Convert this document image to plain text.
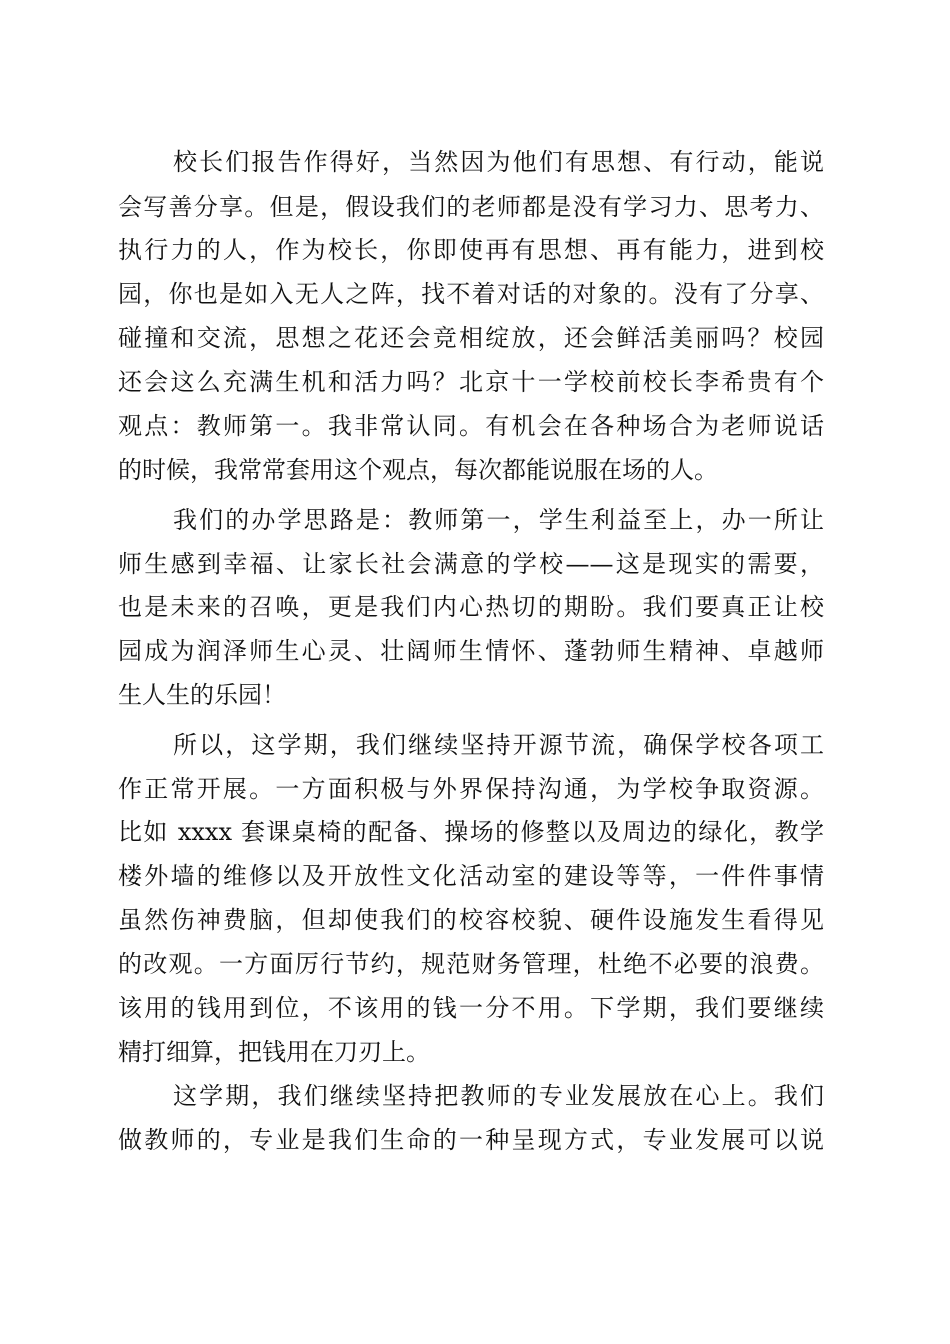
校长们报告作得好，当然因为他们有思想、有行动，能说
会写善分享。但是，假设我们的老师都是没有学习力、思考力、
执行力的人，作为校长，你即使再有思想、再有能力，进到校
园，你也是如入无人之阵，找不着对话的对象的。没有了分享、
碰撞和交流，思想之花还会竞相绽放，还会鲜活美丽吗？校园
还会这么充满生机和活力吗？北京十一学校前校长李希贵有个
观点：教师第一。我非常认同。有机会在各种场合为老师说话
的时候，我常常套用这个观点，每次都能说服在场的人。
我们的办学思路是：教师第一，学生利益至上，办一所让
师生感到幸福、让家长社会满意的学校——这是现实的需要，
也是未来的召唤，更是我们内心热切的期盼。我们要真正让校
园成为润泽师生心灵、壮阔师生情怀、蓬勃师生精神、卓越师
生人生的乐园！
所以，这学期，我们继续坚持开源节流，确保学校各项工
作正常开展。一方面积极与外界保持沟通，为学校争取资源。
比如 xxxx 套课桌椅的配备、操场的修整以及周边的绿化，教学
楼外墙的维修以及开放性文化活动室的建设等等，一件件事情
虽然伤神费脑，但却使我们的校容校貌、硬件设施发生看得见
的改观。一方面厉行节约，规范财务管理，杜绝不必要的浪费。
该用的钱用到位，不该用的钱一分不用。下学期，我们要继续
精打细算，把钱用在刀刃上。
这学期，我们继续坚持把教师的专业发展放在心上。我们
做教师的，专业是我们生命的一种呈现方式，专业发展可以说
